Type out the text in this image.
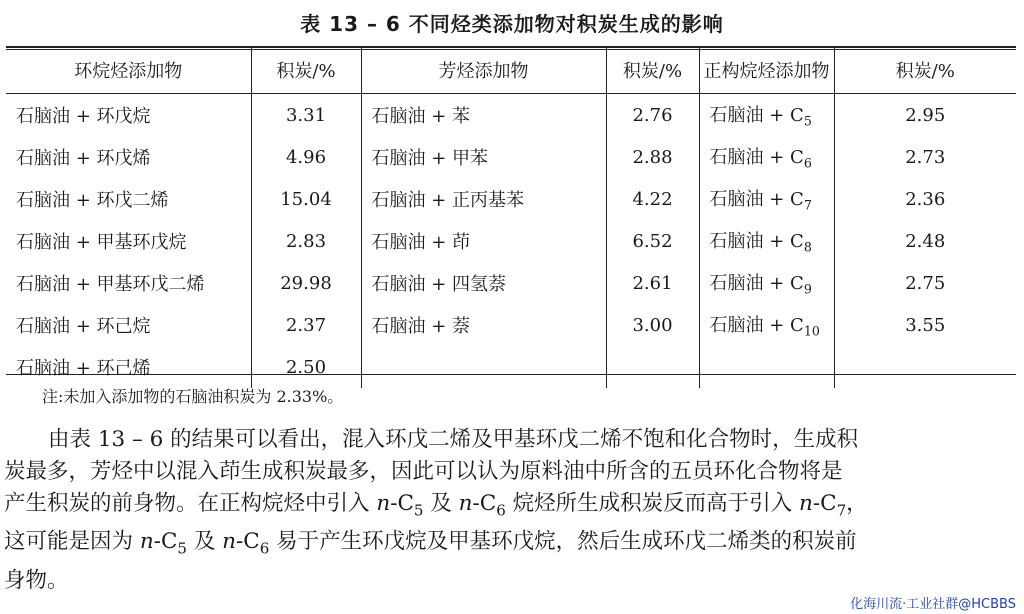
表 13 – 6 不同烃类添加物对积炭生成的影响
环烷烃添加物	积炭/%	芳烃添加物	积炭/%	正构烷烃添加物	积炭/%
石脑油 + 环戊烷	3.31	石脑油 + 苯	2.76	石脑油 + $C_5$	2.95
石脑油 + 环戊烯	4.96	石脑油 + 甲苯	2.88	石脑油 + $C_6$	2.73
石脑油 + 环戊二烯	15.04	石脑油 + 正丙基苯	4.22	石脑油 + $C_7$	2.36
石脑油 + 甲基环戊烷	2.83	石脑油 + 茚	6.52	石脑油 + $C_8$	2.48
石脑油 + 甲基环戊二烯	29.98	石脑油 + 四氢萘	2.61	石脑油 + $C_9$	2.75
石脑油 + 环己烷	2.37	石脑油 + 萘	3.00	石脑油 + $C_{10}$	3.55
石脑油 + 环己烯	2.50				
注:未加入添加物的石脑油积炭为 2.33%。

由表 13 – 6 的结果可以看出，混入环戊二烯及甲基环戊二烯不饱和化合物时，生成积

炭最多，芳烃中以混入茚生成积炭最多，因此可以认为原料油中所含的五员环化合物将是

产生积炭的前身物。在正构烷烃中引入 $n-C_5$ 及 $n-C_6$ 烷烃所生成积炭反而高于引入 $n-C_7$，

这可能是因为 $n-C_5$ 及 $n-C_6$ 易于产生环戊烷及甲基环戊烷，然后生成环戊二烯类的积炭前

身物。

化海川流·工业社群@HCBBS
